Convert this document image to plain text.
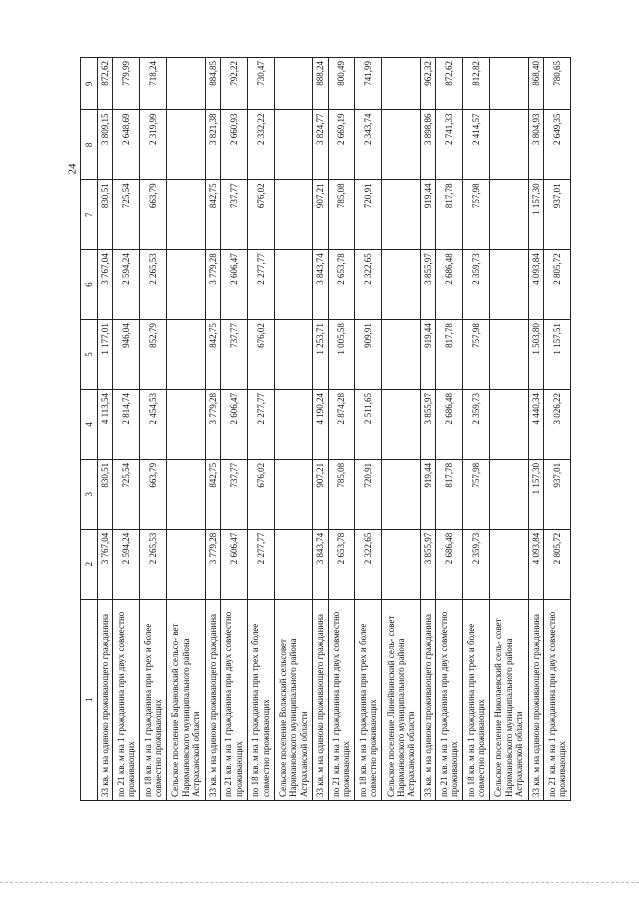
24
1	2	3	4	5	6	7	8	9
33 кв. м на одиноко проживающего гражданина	3 767,04	830,51	4 113,54	1 177,01	3 767,04	830,51	3 809,15	872,62
по 21 кв. м на 1 гражданина при двух совместно проживающих	2 594,24	725,54	2 814,74	946,04	2 594,24	725,54	2 648,69	779,99
по 18 кв. м на 1 гражданина при трех и более совместно проживающих	2 265,53	663,79	2 454,53	852,79	2 265,53	663,79	2 319,99	718,24
Сельское поселение Барановский сельсо- вет Наримановского муниципального района Астраханской области								
33 кв. м на одиноко проживающего гражданина	3 779,28	842,75	3 779,28	842,75	3 779,28	842,75	3 821,38	884,85
по 21 кв. м на 1 гражданина при двух совместно проживающих	2 606,47	737,77	2 606,47	737,77	2 606,47	737,77	2 660,93	792,22
по 18 кв. м на 1 гражданина при трех и более совместно проживающих	2 277,77	676,02	2 277,77	676,02	2 277,77	676,02	2 332,22	730,47
Сельское поселение Волжский сельсовет Наримановского муниципального района Астраханской области								
33 кв. м на одиноко проживающего гражданина	3 843,74	907,21	4 190,24	1 253,71	3 843,74	907,21	3 824,77	888,24
по 21 кв. м на 1 гражданина при двух совместно проживающих	2 653,78	785,08	2 874,28	1 005,58	2 653,78	785,08	2 669,19	800,49
по 18 кв. м на 1 гражданина при трех и более совместно проживающих	2 322,65	720,91	2 511,65	909,91	2 322,65	720,91	2 343,74	741,99
Сельское поселение Линейнинский сель- совет Наримановского муниципального района Астраханской области								
33 кв. м на одиноко проживающего гражданина	3 855,97	919,44	3 855,97	919,44	3 855,97	919,44	3 898,86	962,32
по 21 кв. м на 1 гражданина при двух совместно проживающих	2 686,48	817,78	2 686,48	817,78	2 686,48	817,78	2 741,33	872,62
по 18 кв. м на 1 гражданина при трех и более совместно проживающих	2 359,73	757,98	2 359,73	757,98	2 359,73	757,98	2 414,57	812,82
Сельское поселение Николаевский сель- совет Наримановского муниципального района Астраханской области								
33 кв. м на одиноко проживающего гражданина	4 093,84	1 157,30	4 440,34	1 503,80	4 093,84	1 157,30	3 804,93	868,40
по 21 кв. м на 1 гражданина при двух совместно проживающих	2 805,72	937,01	3 026,22	1 157,51	2 805,72	937,01	2 649,35	780,65
